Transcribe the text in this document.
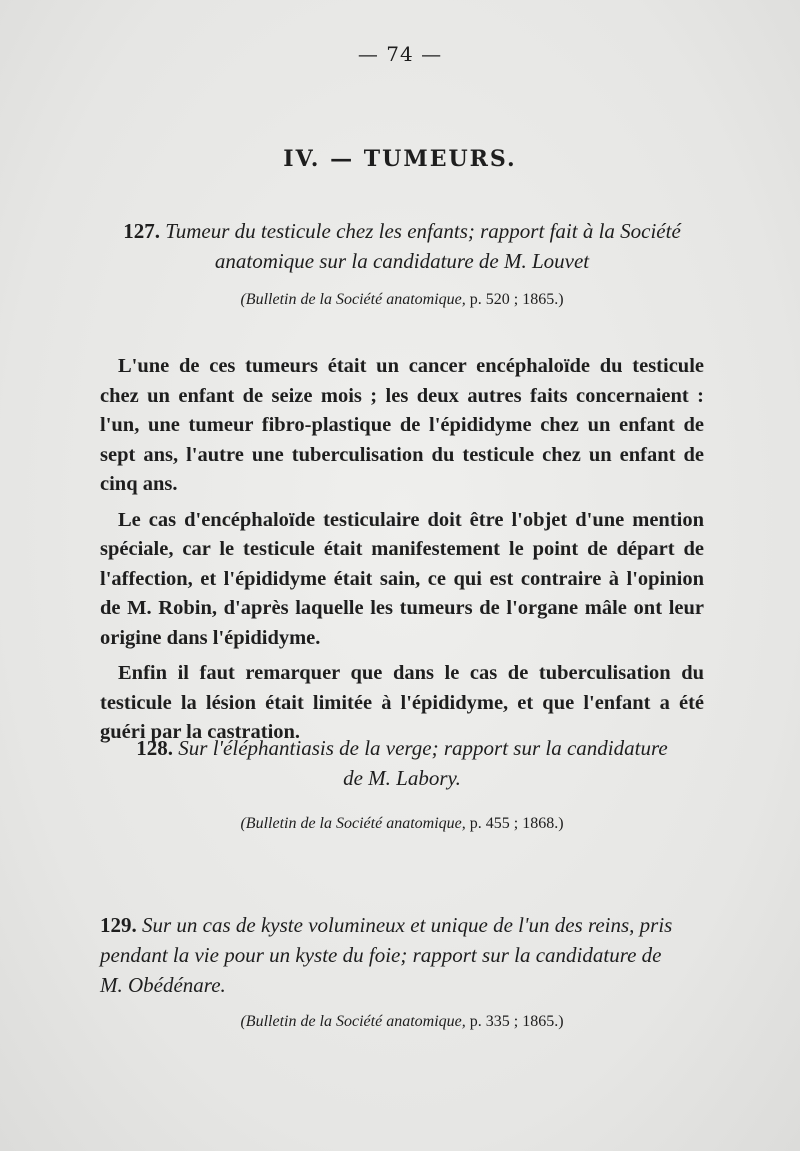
— 74 —
IV. — TUMEURS.
127. Tumeur du testicule chez les enfants; rapport fait à la Société
anatomique sur la candidature de M. Louvet
(Bulletin de la Société anatomique, p. 520 ; 1865.)

L'une de ces tumeurs était un cancer encéphaloïde du testicule chez un enfant de seize mois ; les deux autres faits concernaient : l'un, une tumeur fibro-plastique de l'épididyme chez un enfant de sept ans, l'autre une tuberculisation du testicule chez un enfant de cinq ans.

Le cas d'encéphaloïde testiculaire doit être l'objet d'une mention spéciale, car le testicule était manifestement le point de départ de l'affection, et l'épididyme était sain, ce qui est contraire à l'opinion de M. Robin, d'après laquelle les tumeurs de l'organe mâle ont leur origine dans l'épididyme.

Enfin il faut remarquer que dans le cas de tuberculisation du testicule la lésion était limitée à l'épididyme, et que l'enfant a été guéri par la castration.

128. Sur l'éléphantiasis de la verge; rapport sur la candidature
de M. Labory.
(Bulletin de la Société anatomique, p. 455 ; 1868.)
129. Sur un cas de kyste volumineux et unique de l'un des reins, pris
pendant la vie pour un kyste du foie; rapport sur la candidature de
M. Obédénare.
(Bulletin de la Société anatomique, p. 335 ; 1865.)
